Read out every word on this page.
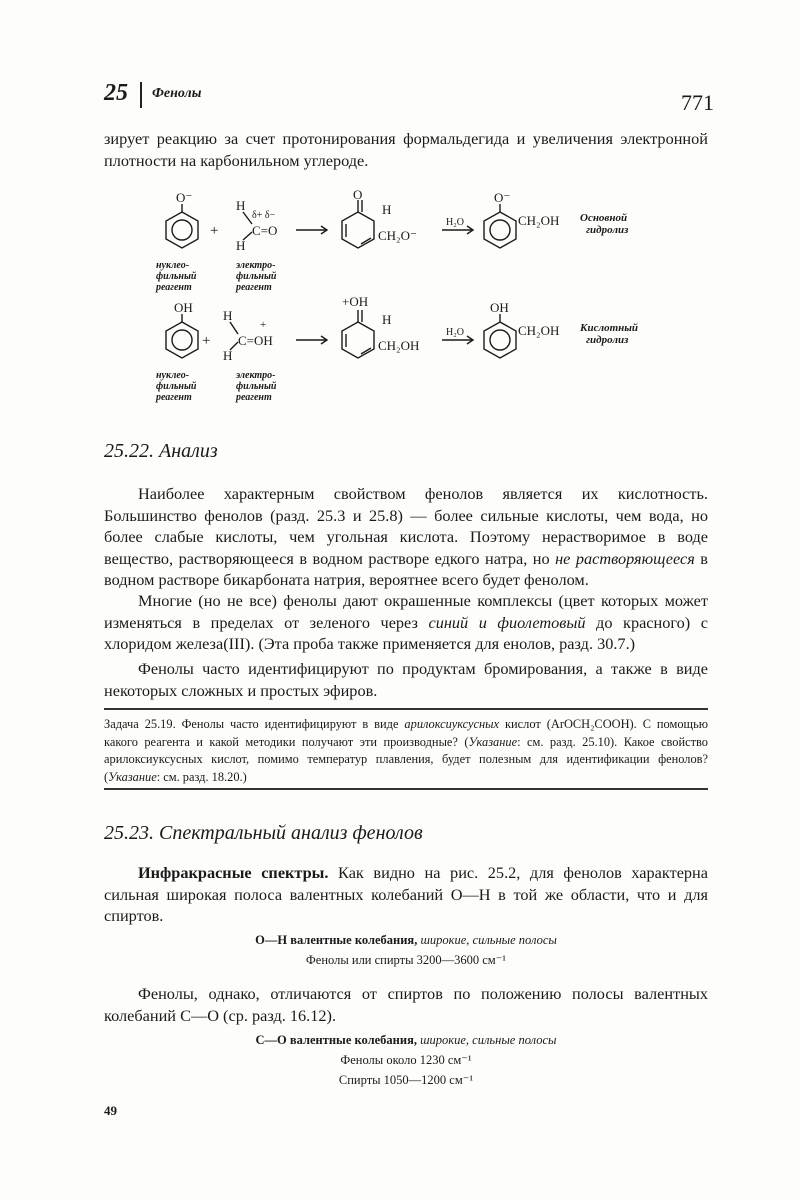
25 Фенолы	771
зирует реакцию за счет протонирования формальдегида и увеличения электронной плотности на карбонильном углероде.
O⁻
+
H
δ+ δ−
C=O
H
O
H
CH₂O⁻
H₂O
O⁻
CH₂OH Основной
гидролиз
нуклео-
фильный
реагент
электро-
фильный
реагент
OH
+
H
+
C=OH
H
+OH
H
CH₂OH
H₂O
OH
CH₂OH Кислотный
гидролиз
нуклео-
фильный
реагент
электро-
фильный
реагент
25.22. Анализ
Наиболее характерным свойством фенолов является их кислотность. Большинство фенолов (разд. 25.3 и 25.8) — более сильные кислоты, чем вода, но более слабые кислоты, чем угольная кислота. Поэтому нерастворимое в воде вещество, растворяющееся в водном растворе едкого натра, но не растворяющееся в водном растворе бикарбоната натрия, вероятнее всего будет фенолом.
Многие (но не все) фенолы дают окрашенные комплексы (цвет которых может изменяться в пределах от зеленого через синий и фиолетовый до красного) с хлоридом железа(III). (Эта проба также применяется для енолов, разд. 30.7.)
Фенолы часто идентифицируют по продуктам бромирования, а также в виде некоторых сложных и простых эфиров.
Задача 25.19. Фенолы часто идентифицируют в виде арилоксиуксусных кислот (ArOCH₂COOH). С помощью какого реагента и какой методики получают эти производные? (Указание: см. разд. 25.10). Какое свойство арилоксиуксусных кислот, помимо температур плавления, будет полезным для идентификации фенолов? (Указание: см. разд. 18.20.)
25.23. Спектральный анализ фенолов
Инфракрасные спектры. Как видно на рис. 25.2, для фенолов характерна сильная широкая полоса валентных колебаний О—Н в той же области, что и для спиртов.
О—Н валентные колебания, широкие, сильные полосы
Фенолы или спирты 3200—3600 см⁻¹
Фенолы, однако, отличаются от спиртов по положению полосы валентных колебаний С—О (ср. разд. 16.12).
С—О валентные колебания, широкие, сильные полосы
Фенолы около 1230 см⁻¹
Спирты 1050—1200 см⁻¹
49
